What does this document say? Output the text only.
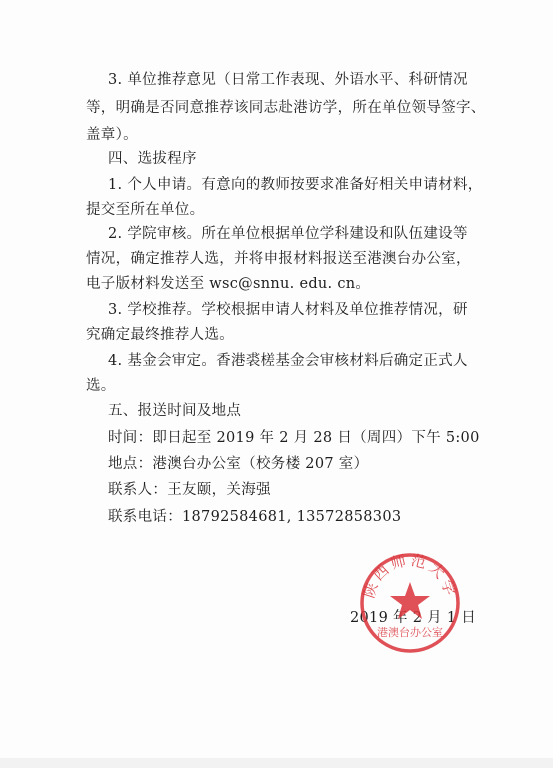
3. 单位推荐意见（日常工作表现、外语水平、科研情况
等，明确是否同意推荐该同志赴港访学，所在单位领导签字、
盖章）。
四、选拔程序
1. 个人申请。有意向的教师按要求准备好相关申请材料，
提交至所在单位。
2. 学院审核。所在单位根据单位学科建设和队伍建设等
情况，确定推荐人选，并将申报材料报送至港澳台办公室，
电子版材料发送至 wsc@snnu. edu. cn。
3. 学校推荐。学校根据申请人材料及单位推荐情况，研
究确定最终推荐人选。
4. 基金会审定。香港裘槎基金会审核材料后确定正式人
选。
五、报送时间及地点
时间：即日起至 2019 年 2 月 28 日（周四）下午 5:00
地点：港澳台办公室（校务楼 207 室）
联系人：王友颐，关海强
联系电话：18792584681, 13572858303
2019 年 2 月 1 日
陕西师范大学
港澳台办公室
